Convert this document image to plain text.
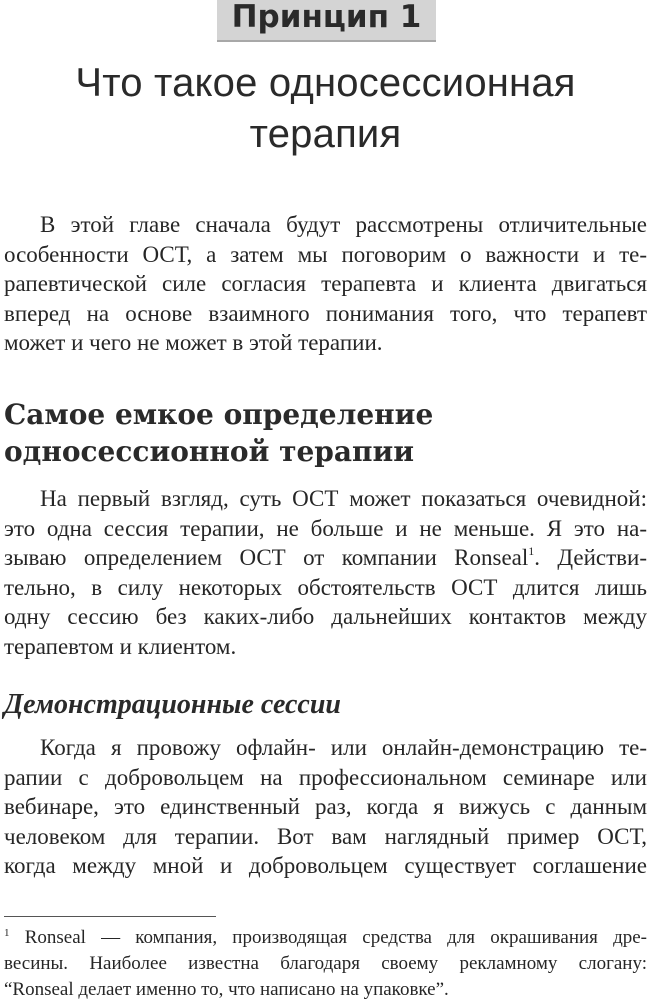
Принцип 1
Что такое односессионная
терапия
В этой главе сначала будут рассмотрены отличительные
особенности ОСТ, а затем мы поговорим о важности и те-
рапевтической силе согласия терапевта и клиента двигаться
вперед на основе взаимного понимания того, что терапевт
может и чего не может в этой терапии.
Самое емкое определение
односессионной терапии
На первый взгляд, суть ОСТ может показаться очевидной:
это одна сессия терапии, не больше и не меньше. Я это на-
зываю определением ОСТ от компании Ronseal$^1$. Действи-
тельно, в силу некоторых обстоятельств ОСТ длится лишь
одну сессию без каких-либо дальнейших контактов между
терапевтом и клиентом.
Демонстрационные сессии
Когда я провожу офлайн- или онлайн-демонстрацию те-
рапии с добровольцем на профессиональном семинаре или
вебинаре, это единственный раз, когда я вижусь с данным
человеком для терапии. Вот вам наглядный пример ОСТ,
когда между мной и добровольцем существует соглашение
$^1$ Ronseal — компания, производящая средства для окрашивания дре-
весины. Наиболее известна благодаря своему рекламному слогану:
“Ronseal делает именно то, что написано на упаковке”.
